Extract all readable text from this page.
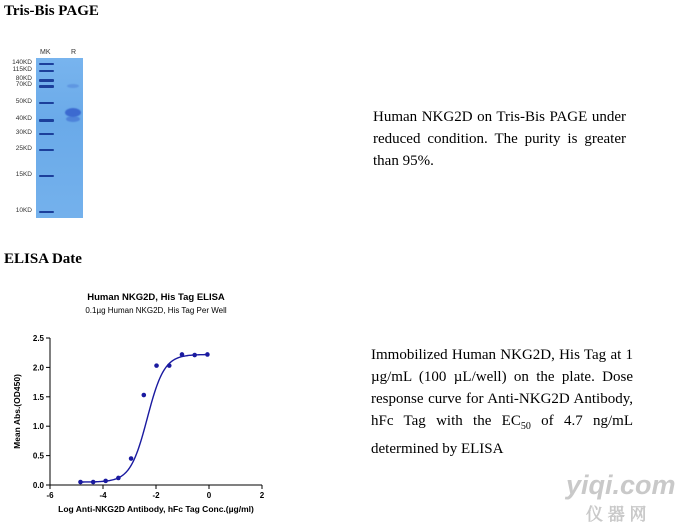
Tris-Bis PAGE
MK	R
140KD
115KD
80KD
70KD
50KD
40KD
30KD
25KD
15KD
10KD
Human NKG2D on Tris-Bis PAGE under reduced condition. The purity is greater than 95%.
ELISA Date
Human NKG2D, His Tag ELISA
0.1µg Human NKG2D, His Tag Per Well
0.0
0.5
1.0
1.5
2.0
2.5
-6	-4	-2	0	2
Log Anti-NKG2D Antibody, hFc Tag Conc.(µg/ml)
Mean Abs.(OD450)
Immobilized Human NKG2D, His Tag at 1 µg/mL (100 µL/well) on the plate. Dose response curve for Anti-NKG2D Antibody, hFc Tag with the $EC_{50}$ of 4.7 ng/mL determined by ELISA
yiqi.com
仪 器 网
